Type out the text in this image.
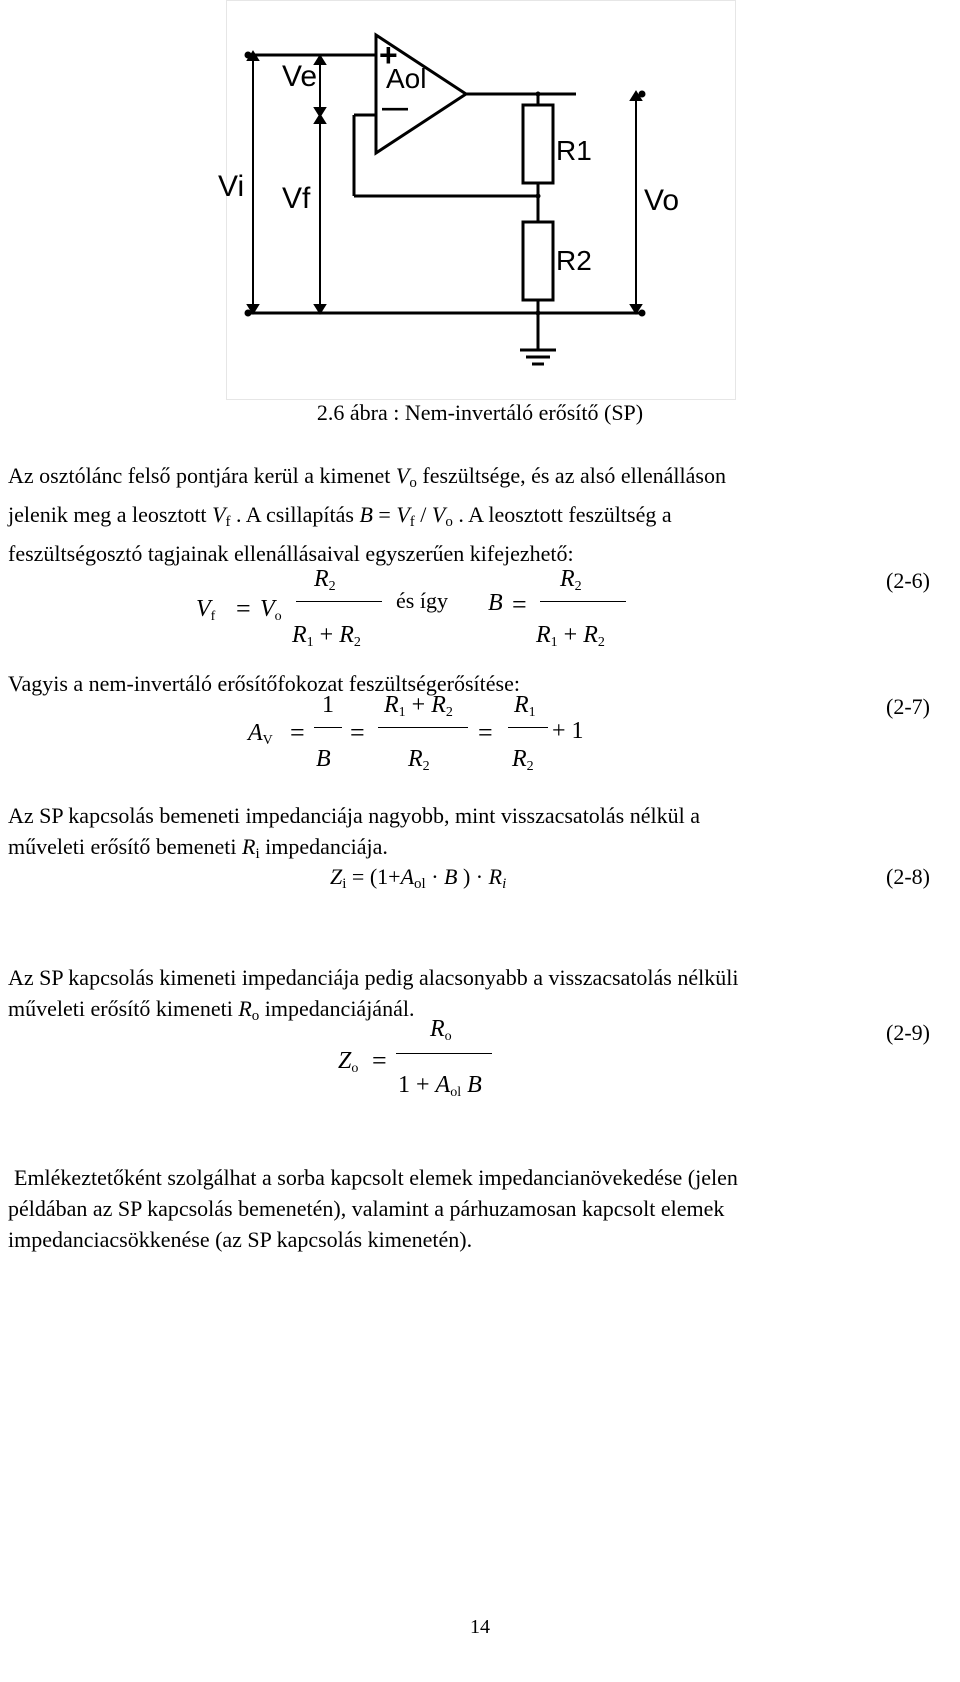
Vi
Ve
Vf
Aol
Vo
R1
R2
+
—
2.6 ábra : Nem-invertáló erősítő (SP)
Az osztólánc felső pontjára kerül a kimenet $V_o$ feszültsége, és az alsó ellenálláson
jelenik meg a leosztott $V_f$ . A csillapítás $B = V_f / V_o$ . A leosztott feszültség a
feszültségosztó tagjainak ellenállásaival egyszerűen kifejezhető:
$V_f = V_o$
$R_2$
$R_1 + R_2$
és így B =
$R_2$
$R_1 + R_2$
(2-6)
Vagyis a nem-invertáló erősítőfokozat feszültségerősítése:
$A_V$ =
1
B
=
$R_1 + R_2$
$R_2$
=
$R_1$
$R_2$
+ 1
(2-7)
Az SP kapcsolás bemeneti impedanciája nagyobb, mint visszacsatolás nélkül a
műveleti erősítő bemeneti $R_i$ impedanciája.
$Z_i = (1+A_{ol} \cdot B$ ) · $R_i$	(2-8)
Az SP kapcsolás kimeneti impedanciája pedig alacsonyabb a visszacsatolás nélküli
műveleti erősítő kimeneti $R_o$ impedanciájánál.
$Z_o$ =
$R_o$
$1 + A_{ol}$ B
(2-9)
Emlékeztetőként szolgálhat a sorba kapcsolt elemek impedancianövekedése (jelen
példában az SP kapcsolás bemenetén), valamint a párhuzamosan kapcsolt elemek
impedanciacsökkenése (az SP kapcsolás kimenetén).
14
